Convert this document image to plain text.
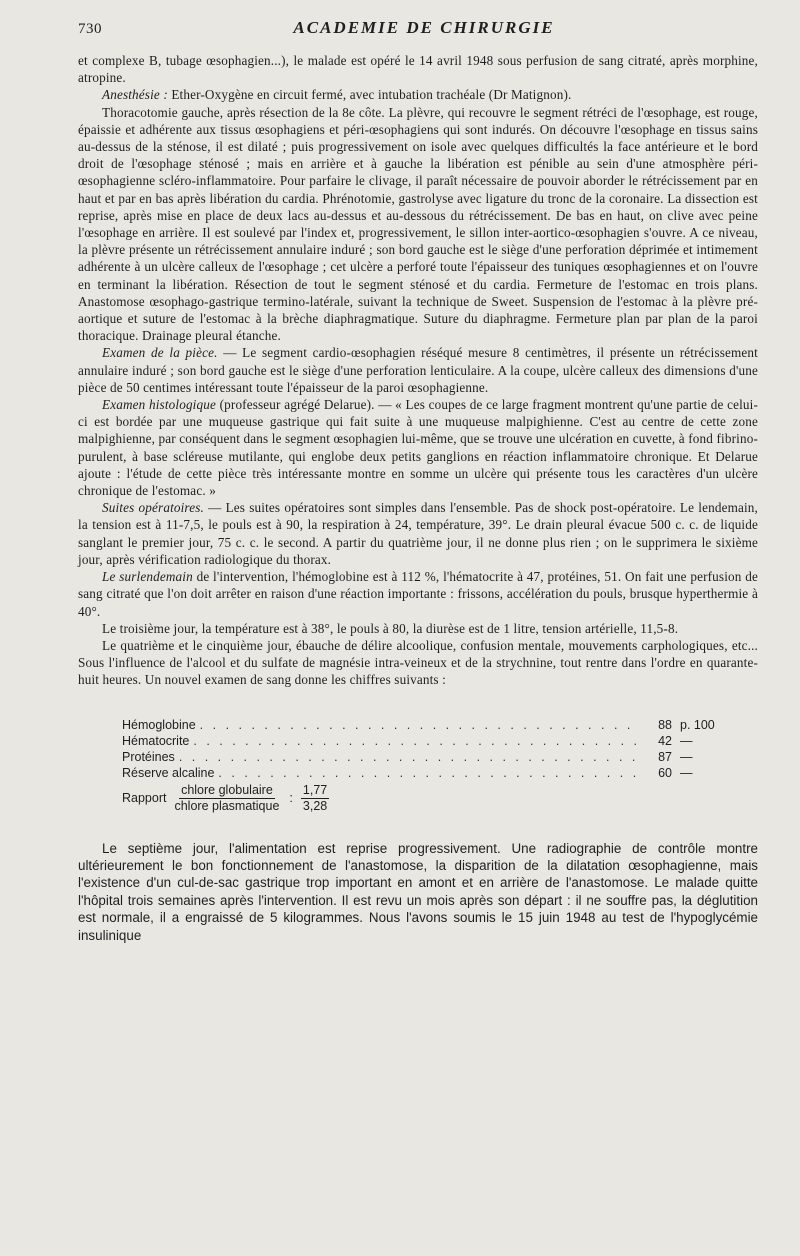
730	ACADEMIE DE CHIRURGIE

et complexe B, tubage œsophagien...), le malade est opéré le 14 avril 1948 sous perfusion de sang citraté, après morphine, atropine.

Anesthésie : Ether-Oxygène en circuit fermé, avec intubation trachéale (Dr Matignon).

Thoracotomie gauche, après résection de la 8e côte. La plèvre, qui recouvre le segment rétréci de l'œsophage, est rouge, épaissie et adhérente aux tissus œsophagiens et péri-œsophagiens qui sont indurés. On découvre l'œsophage en tissus sains au-dessus de la sténose, il est dilaté ; puis progressivement on isole avec quelques difficultés la face antérieure et le bord droit de l'œsophage sténosé ; mais en arrière et à gauche la libération est pénible au sein d'une atmosphère péri-œsophagienne scléro-inflammatoire. Pour parfaire le clivage, il paraît nécessaire de pouvoir aborder le rétrécissement par en haut et par en bas après libération du cardia. Phrénotomie, gastrolyse avec ligature du tronc de la coronaire. La dissection est reprise, après mise en place de deux lacs au-dessus et au-dessous du rétrécissement. De bas en haut, on clive avec peine l'œsophage en arrière. Il est soulevé par l'index et, progressivement, le sillon inter-aortico-œsophagien s'ouvre. A ce niveau, la plèvre présente un rétrécissement annulaire induré ; son bord gauche est le siège d'une perforation déprimée et intimement adhérente à un ulcère calleux de l'œsophage ; cet ulcère a perforé toute l'épaisseur des tuniques œsophagiennes et on l'ouvre en terminant la libération. Résection de tout le segment sténosé et du cardia. Fermeture de l'estomac en trois plans. Anastomose œsophago-gastrique termino-latérale, suivant la technique de Sweet. Suspension de l'estomac à la plèvre pré-aortique et suture de l'estomac à la brèche diaphragmatique. Suture du diaphragme. Fermeture plan par plan de la paroi thoracique. Drainage pleural étanche.

Examen de la pièce. — Le segment cardio-œsophagien réséqué mesure 8 centimètres, il présente un rétrécissement annulaire induré ; son bord gauche est le siège d'une perforation lenticulaire. A la coupe, ulcère calleux des dimensions d'une pièce de 50 centimes intéressant toute l'épaisseur de la paroi œsophagienne.

Examen histologique (professeur agrégé Delarue). — « Les coupes de ce large fragment montrent qu'une partie de celui-ci est bordée par une muqueuse gastrique qui fait suite à une muqueuse malpighienne. C'est au centre de cette zone malpighienne, par conséquent dans le segment œsophagien lui-même, que se trouve une ulcération en cuvette, à fond fibrino-purulent, à base scléreuse mutilante, qui englobe deux petits ganglions en réaction inflammatoire chronique. Et Delarue ajoute : l'étude de cette pièce très intéressante montre en somme un ulcère qui présente tous les caractères d'un ulcère chronique de l'estomac. »

Suites opératoires. — Les suites opératoires sont simples dans l'ensemble. Pas de shock post-opératoire. Le lendemain, la tension est à 11-7,5, le pouls est à 90, la respiration à 24, température, 39°. Le drain pleural évacue 500 c. c. de liquide sanglant le premier jour, 75 c. c. le second. A partir du quatrième jour, il ne donne plus rien ; on le supprimera le sixième jour, après vérification radiologique du thorax.

Le surlendemain de l'intervention, l'hémoglobine est à 112 %, l'hématocrite à 47, protéines, 51. On fait une perfusion de sang citraté que l'on doit arrêter en raison d'une réaction importante : frissons, accélération du pouls, brusque hyperthermie à 40°.

Le troisième jour, la température est à 38°, le pouls à 80, la diurèse est de 1 litre, tension artérielle, 11,5-8.

Le quatrième et le cinquième jour, ébauche de délire alcoolique, confusion mentale, mouvements carphologiques, etc... Sous l'influence de l'alcool et du sulfate de magnésie intra-veineux et de la strychnine, tout rentre dans l'ordre en quarante-huit heures. Un nouvel examen de sang donne les chiffres suivants :

Hémoglobine . . .	88 p. 100
Hématocrite . . .	42 —
Protéines . . .	87 —
Réserve alcaline . . .	60 —
Rapport $\frac{\text{chlore globulaire}}{\text{chlore plasmatique}}$ : $\frac{1,77}{3,28}$

Le septième jour, l'alimentation est reprise progressivement. Une radiographie de contrôle montre ultérieurement le bon fonctionnement de l'anastomose, la disparition de la dilatation œsophagienne, mais l'existence d'un cul-de-sac gastrique trop important en amont et en arrière de l'anastomose. Le malade quitte l'hôpital trois semaines après l'intervention. Il est revu un mois après son départ : il ne souffre pas, la déglutition est normale, il a engraissé de 5 kilogrammes. Nous l'avons soumis le 15 juin 1948 au test de l'hypoglycémie insulinique
